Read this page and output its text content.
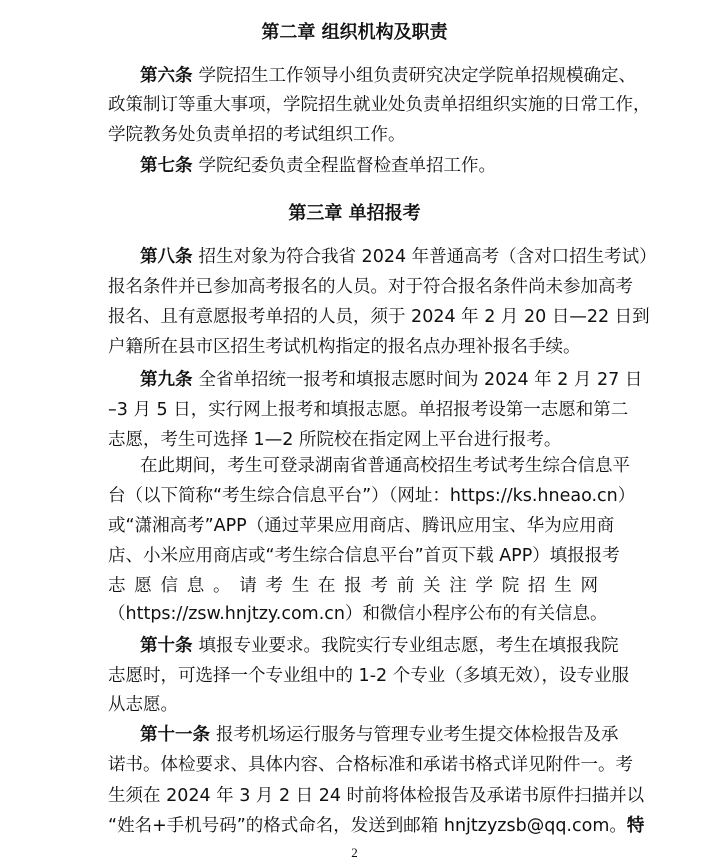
第二章 组织机构及职责
第三章 单招报考
第六条 学院招生工作领导小组负责研究决定学院单招规模确定、
政策制订等重大事项，学院招生就业处负责单招组织实施的日常工作，
学院教务处负责单招的考试组织工作。
第七条 学院纪委负责全程监督检查单招工作。
第八条 招生对象为符合我省 2024 年普通高考（含对口招生考试）
报名条件并已参加高考报名的人员。对于符合报名条件尚未参加高考
报名、且有意愿报考单招的人员，须于 2024 年 2 月 20 日—22 日到
户籍所在县市区招生考试机构指定的报名点办理补报名手续。
第九条 全省单招统一报考和填报志愿时间为 2024 年 2 月 27 日
–3 月 5 日，实行网上报考和填报志愿。单招报考设第一志愿和第二
志愿，考生可选择 1—2 所院校在指定网上平台进行报考。
在此期间，考生可登录湖南省普通高校招生考试考生综合信息平
台（以下简称“考生综合信息平台”）（网址：https://ks.hneao.cn）
或“潇湘高考”APP（通过苹果应用商店、腾讯应用宝、华为应用商
店、小米应用商店或“考生综合信息平台”首页下载 APP）填报报考
志愿信息。请考生在报考前关注学院招生网
（https://zsw.hnjtzy.com.cn）和微信小程序公布的有关信息。
第十条 填报专业要求。我院实行专业组志愿，考生在填报我院
志愿时，可选择一个专业组中的 1-2 个专业（多填无效），设专业服
从志愿。
第十一条 报考机场运行服务与管理专业考生提交体检报告及承
诺书。体检要求、具体内容、合格标准和承诺书格式详见附件一。考
生须在 2024 年 3 月 2 日 24 时前将体检报告及承诺书原件扫描并以
“姓名+手机号码”的格式命名，发送到邮箱 hnjtzyzsb@qq.com。特
2
